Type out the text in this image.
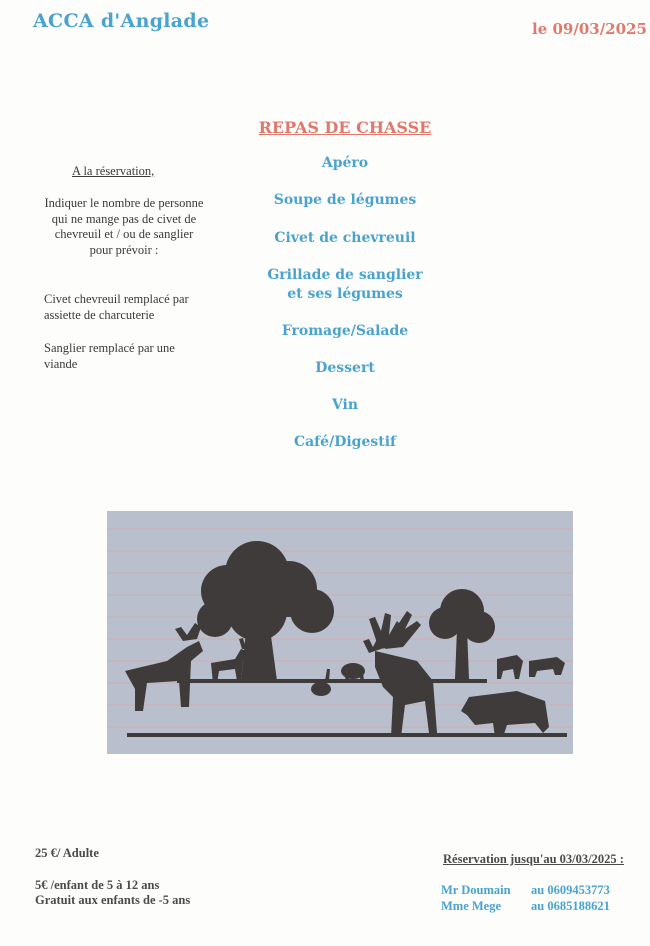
ACCA d'Anglade	le 09/03/2025
REPAS DE CHASSE
Apéro
Soupe de légumes
Civet de chevreuil
Grillade de sanglier
et ses légumes
Fromage/Salade
Dessert
Vin
Café/Digestif
A la réservation,
Indiquer le nombre de personne qui ne mange pas de civet de chevreuil et / ou de sanglier pour prévoir :
Civet chevreuil remplacé par assiette de charcuterie
Sanglier remplacé par une viande
25 €/ Adulte
5€ /enfant de 5 à 12 ans
Gratuit aux enfants de -5 ans
Réservation jusqu'au 03/03/2025 :
Mr Doumain au 0609453773
Mme Mege au 0685188621
